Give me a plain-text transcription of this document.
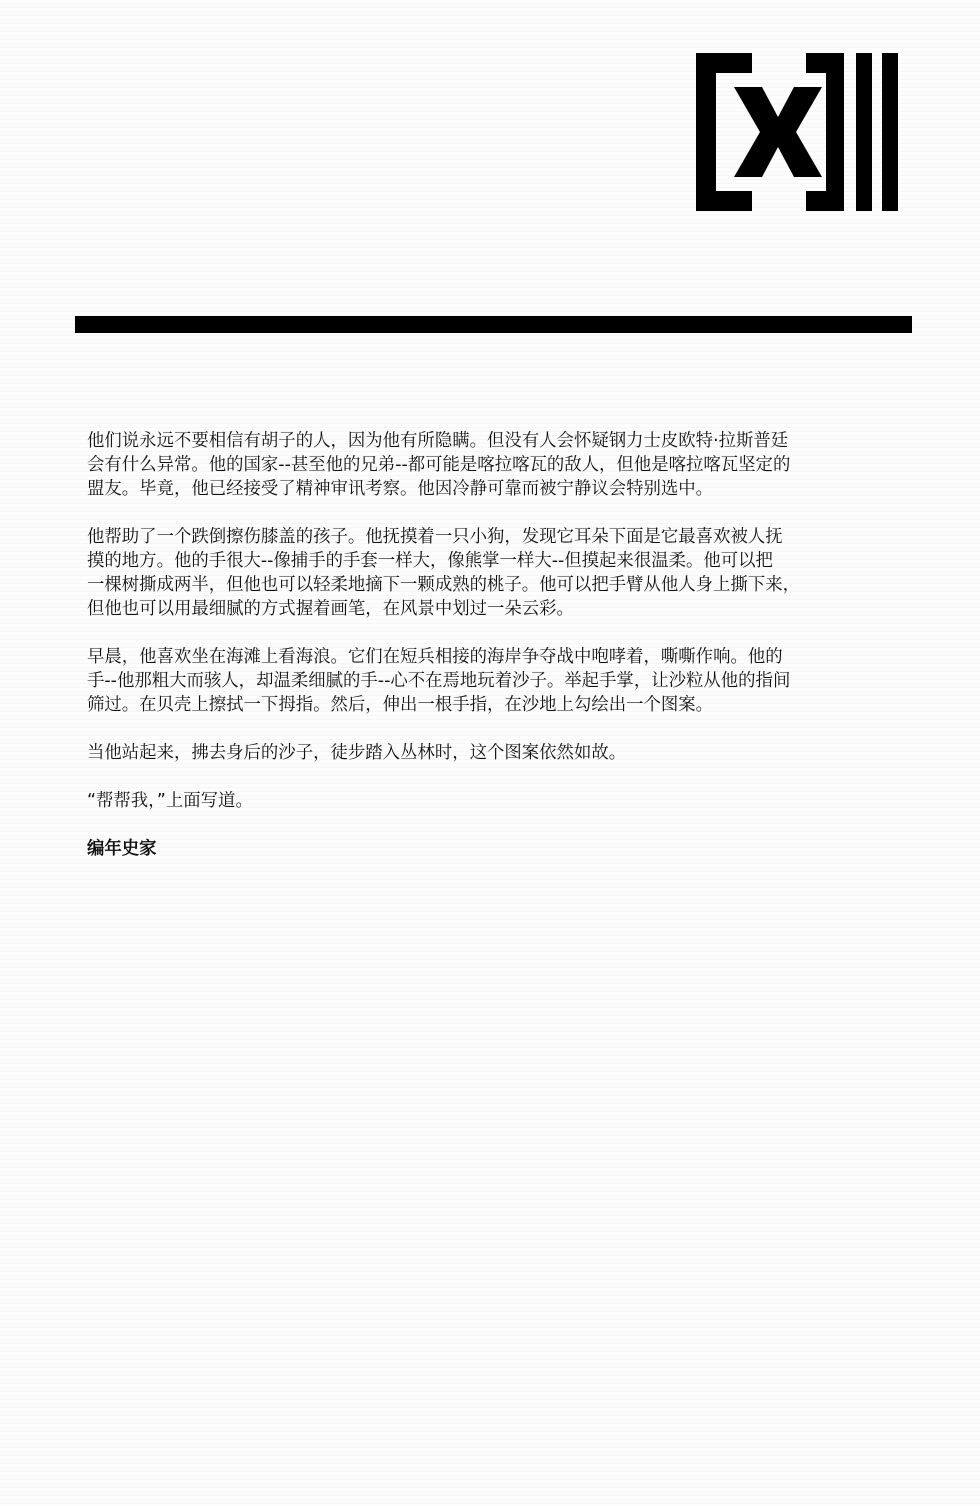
他们说永远不要相信有胡子的人，因为他有所隐瞒。但没有人会怀疑钢力士皮欧特·拉斯普廷
会有什么异常。他的国家--甚至他的兄弟--都可能是喀拉喀瓦的敌人，但他是喀拉喀瓦坚定的
盟友。毕竟，他已经接受了精神审讯考察。他因冷静可靠而被宁静议会特别选中。

他帮助了一个跌倒擦伤膝盖的孩子。他抚摸着一只小狗，发现它耳朵下面是它最喜欢被人抚
摸的地方。他的手很大--像捕手的手套一样大，像熊掌一样大--但摸起来很温柔。他可以把
一棵树撕成两半，但他也可以轻柔地摘下一颗成熟的桃子。他可以把手臂从他人身上撕下来，
但他也可以用最细腻的方式握着画笔，在风景中划过一朵云彩。

早晨，他喜欢坐在海滩上看海浪。它们在短兵相接的海岸争夺战中咆哮着，嘶嘶作响。他的
手--他那粗大而骇人，却温柔细腻的手--心不在焉地玩着沙子。举起手掌，让沙粒从他的指间
筛过。在贝壳上擦拭一下拇指。然后，伸出一根手指，在沙地上勾绘出一个图案。

当他站起来，拂去身后的沙子，徒步踏入丛林时，这个图案依然如故。

“帮帮我，”上面写道。

编年史家
